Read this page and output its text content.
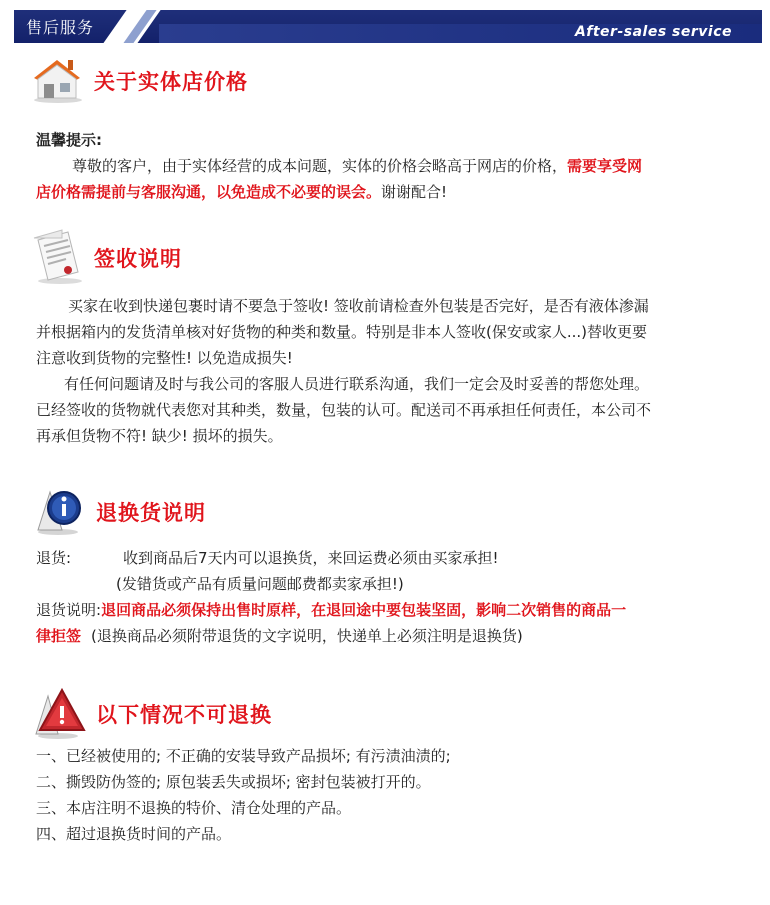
售后服务	After-sales service
关于实体店价格
温馨提示:
尊敬的客户，由于实体经营的成本问题，实体的价格会略高于网店的价格，需要享受网
店价格需提前与客服沟通，以免造成不必要的误会。谢谢配合!
签收说明
买家在收到快递包裹时请不要急于签收! 签收前请检查外包装是否完好，是否有液体渗漏
并根据箱内的发货清单核对好货物的种类和数量。特别是非本人签收(保安或家人...)替收更要
注意收到货物的完整性! 以免造成损失!
有任何问题请及时与我公司的客服人员进行联系沟通，我们一定会及时妥善的帮您处理。
已经签收的货物就代表您对其种类，数量，包装的认可。配送司不再承担任何责任，本公司不
再承但货物不符! 缺少! 损坏的损失。
退换货说明
退货:	收到商品后7天内可以退换货，来回运费必须由买家承担!
(发错货或产品有质量问题邮费都卖家承担!)
退货说明:退回商品必须保持出售时原样，在退回途中要包装坚固，影响二次销售的商品一
律拒签 (退换商品必须附带退货的文字说明，快递单上必须注明是退换货)
以下情况不可退换
一、已经被使用的; 不正确的安装导致产品损坏; 有污渍油渍的;
二、撕毁防伪签的; 原包装丢失或损坏; 密封包装被打开的。
三、本店注明不退换的特价、清仓处理的产品。
四、超过退换货时间的产品。
